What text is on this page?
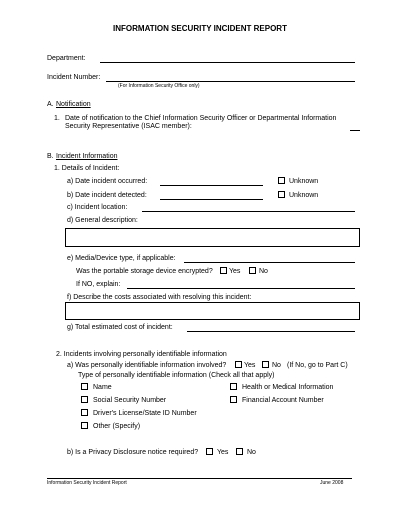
INFORMATION SECURITY INCIDENT REPORT
Department:
Incident Number:
(For Information Security Office only)
A. Notification
1. Date of notification to the Chief Information Security Officer or Departmental Information
Security Representative (ISAC member):
B. Incident Information
1. Details of Incident:
a) Date incident occurred:	Unknown
b) Date incident detected:	Unknown
c) Incident location:
d) General description:
e) Media/Device type, if applicable:
Was the portable storage device encrypted? Yes	No
If NO, explain:
f) Describe the costs associated with resolving this incident:
g) Total estimated cost of incident:
2. Incidents involving personally identifiable information
a) Was personally identifiable information involved?	Yes No (If No, go to Part C)
Type of personally identifiable information (Check all that apply)
Name
Social Security Number
Driver's License/State ID Number
Other (Specify)
Health or Medical Information
Financial Account Number
b) Is a Privacy Disclosure notice required?	Yes	No
Information Security Incident Report	June 2008
